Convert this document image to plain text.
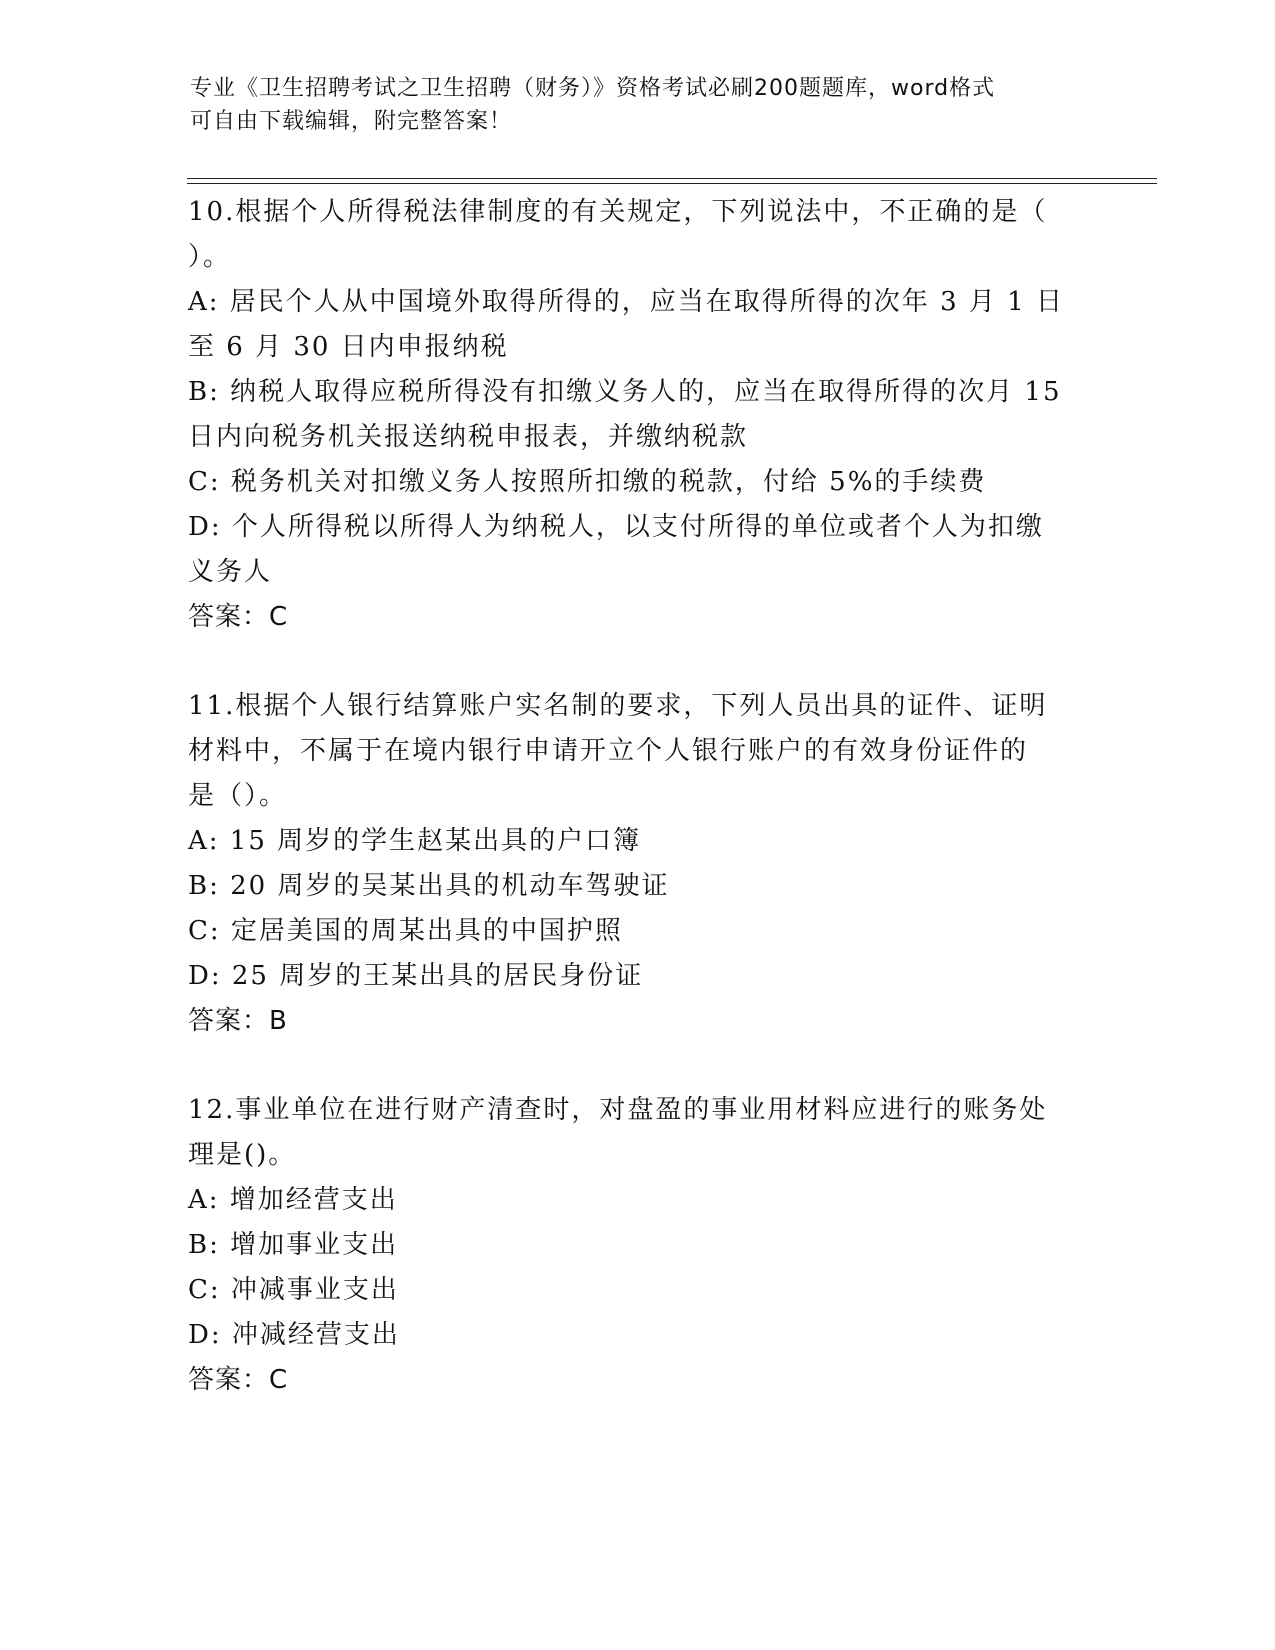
专业《卫生招聘考试之卫生招聘（财务）》资格考试必刷200题题库，word格式
可自由下载编辑，附完整答案！

10.根据个人所得税法律制度的有关规定，下列说法中，不正确的是（
）。

A: 居民个人从中国境外取得所得的，应当在取得所得的次年 3 月 1 日
至 6 月 30 日内申报纳税

B: 纳税人取得应税所得没有扣缴义务人的，应当在取得所得的次月 15
日内向税务机关报送纳税申报表，并缴纳税款

C: 税务机关对扣缴义务人按照所扣缴的税款，付给 5%的手续费

D: 个人所得税以所得人为纳税人，以支付所得的单位或者个人为扣缴
义务人

答案：C

11.根据个人银行结算账户实名制的要求，下列人员出具的证件、证明
材料中，不属于在境内银行申请开立个人银行账户的有效身份证件的
是（）。

A: 15 周岁的学生赵某出具的户口簿

B: 20 周岁的吴某出具的机动车驾驶证

C: 定居美国的周某出具的中国护照

D: 25 周岁的王某出具的居民身份证

答案：B

12.事业单位在进行财产清查时，对盘盈的事业用材料应进行的账务处
理是()。

A: 增加经营支出

B: 增加事业支出

C: 冲减事业支出

D: 冲减经营支出

答案：C
